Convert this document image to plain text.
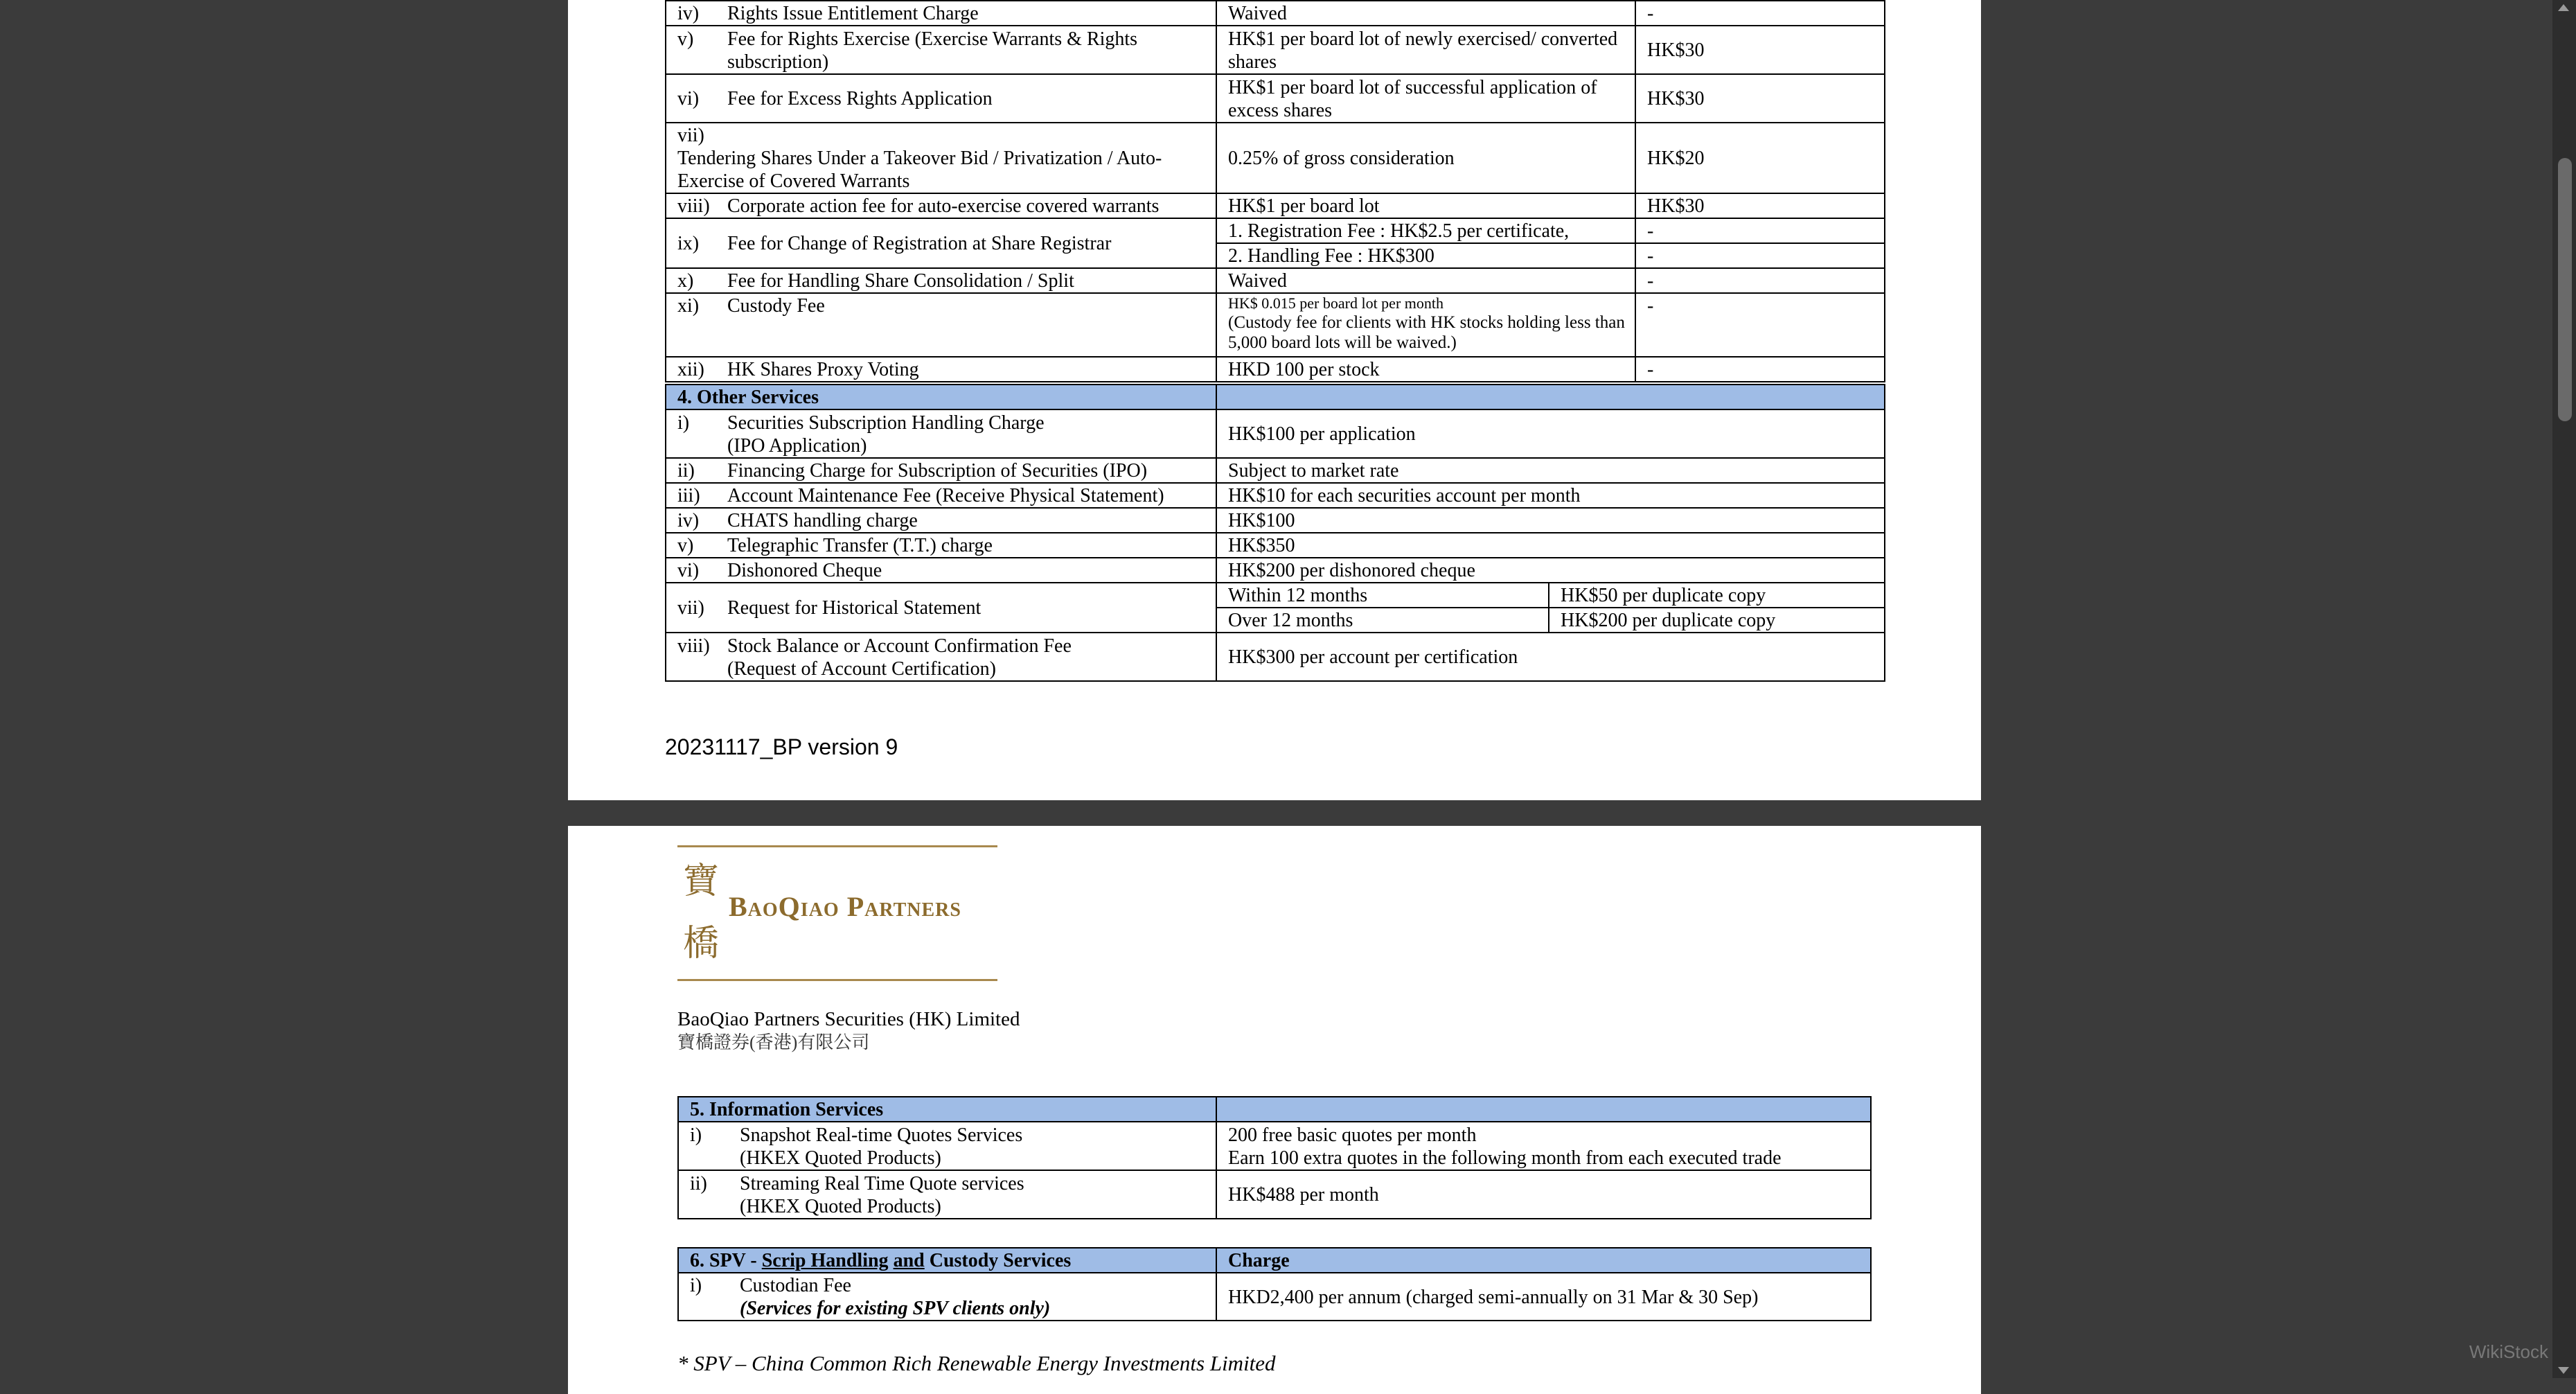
iv) Rights Issue Entitlement Charge	Waived	-
v) Fee for Rights Exercise (Exercise Warrants & Rights subscription)	HK$1 per board lot of newly exercised/ converted shares	HK$30
vi) Fee for Excess Rights Application	HK$1 per board lot of successful application of excess shares	HK$30
vii)Tendering Shares Under a Takeover Bid / Privatization / Auto-Exercise of Covered Warrants	0.25% of gross consideration	HK$20
viii) Corporate action fee for auto-exercise covered warrants	HK$1 per board lot	HK$30
ix) Fee for Change of Registration at Share Registrar	1. Registration Fee : HK$2.5 per certificate,	-
	2. Handling Fee : HK$300	-
x) Fee for Handling Share Consolidation / Split	Waived	-
xi) Custody Fee	HK$ 0.015 per board lot per month
(Custody fee for clients with HK stocks holding less than 5,000 board lots will be waived.)	-
xii) HK Shares Proxy Voting	HKD 100 per stock	-
4. Other Services		
i) Securities Subscription Handling Charge
(IPO Application)	HK$100 per application	
ii) Financing Charge for Subscription of Securities (IPO)	Subject to market rate	
iii) Account Maintenance Fee (Receive Physical Statement)	HK$10 for each securities account per month	
iv) CHATS handling charge	HK$100	
v) Telegraphic Transfer (T.T.) charge	HK$350	
vi) Dishonored Cheque	HK$200 per dishonored cheque	
vii) Request for Historical Statement	Within 12 months	HK$50 per duplicate copy
	Over 12 months	HK$200 per duplicate copy
viii) Stock Balance or Account Confirmation Fee
(Request of Account Certification)	HK$300 per account per certification	
20231117_BP version 9
寶
橋
BaoQiao Partners
BaoQiao Partners Securities (HK) Limited
寶橋證券(香港)有限公司
5. Information Services	
i) Snapshot Real-time Quotes Services
(HKEX Quoted Products)	200 free basic quotes per month
Earn 100 extra quotes in the following month from each executed trade
ii) Streaming Real Time Quote services
(HKEX Quoted Products)	HK$488 per month
6. SPV - Scrip Handling and Custody Services	Charge
i) Custodian Fee
(Services for existing SPV clients only)	HKD2,400 per annum (charged semi-annually on 31 Mar & 30 Sep)
* SPV – China Common Rich Renewable Energy Investments Limited	WikiStock
